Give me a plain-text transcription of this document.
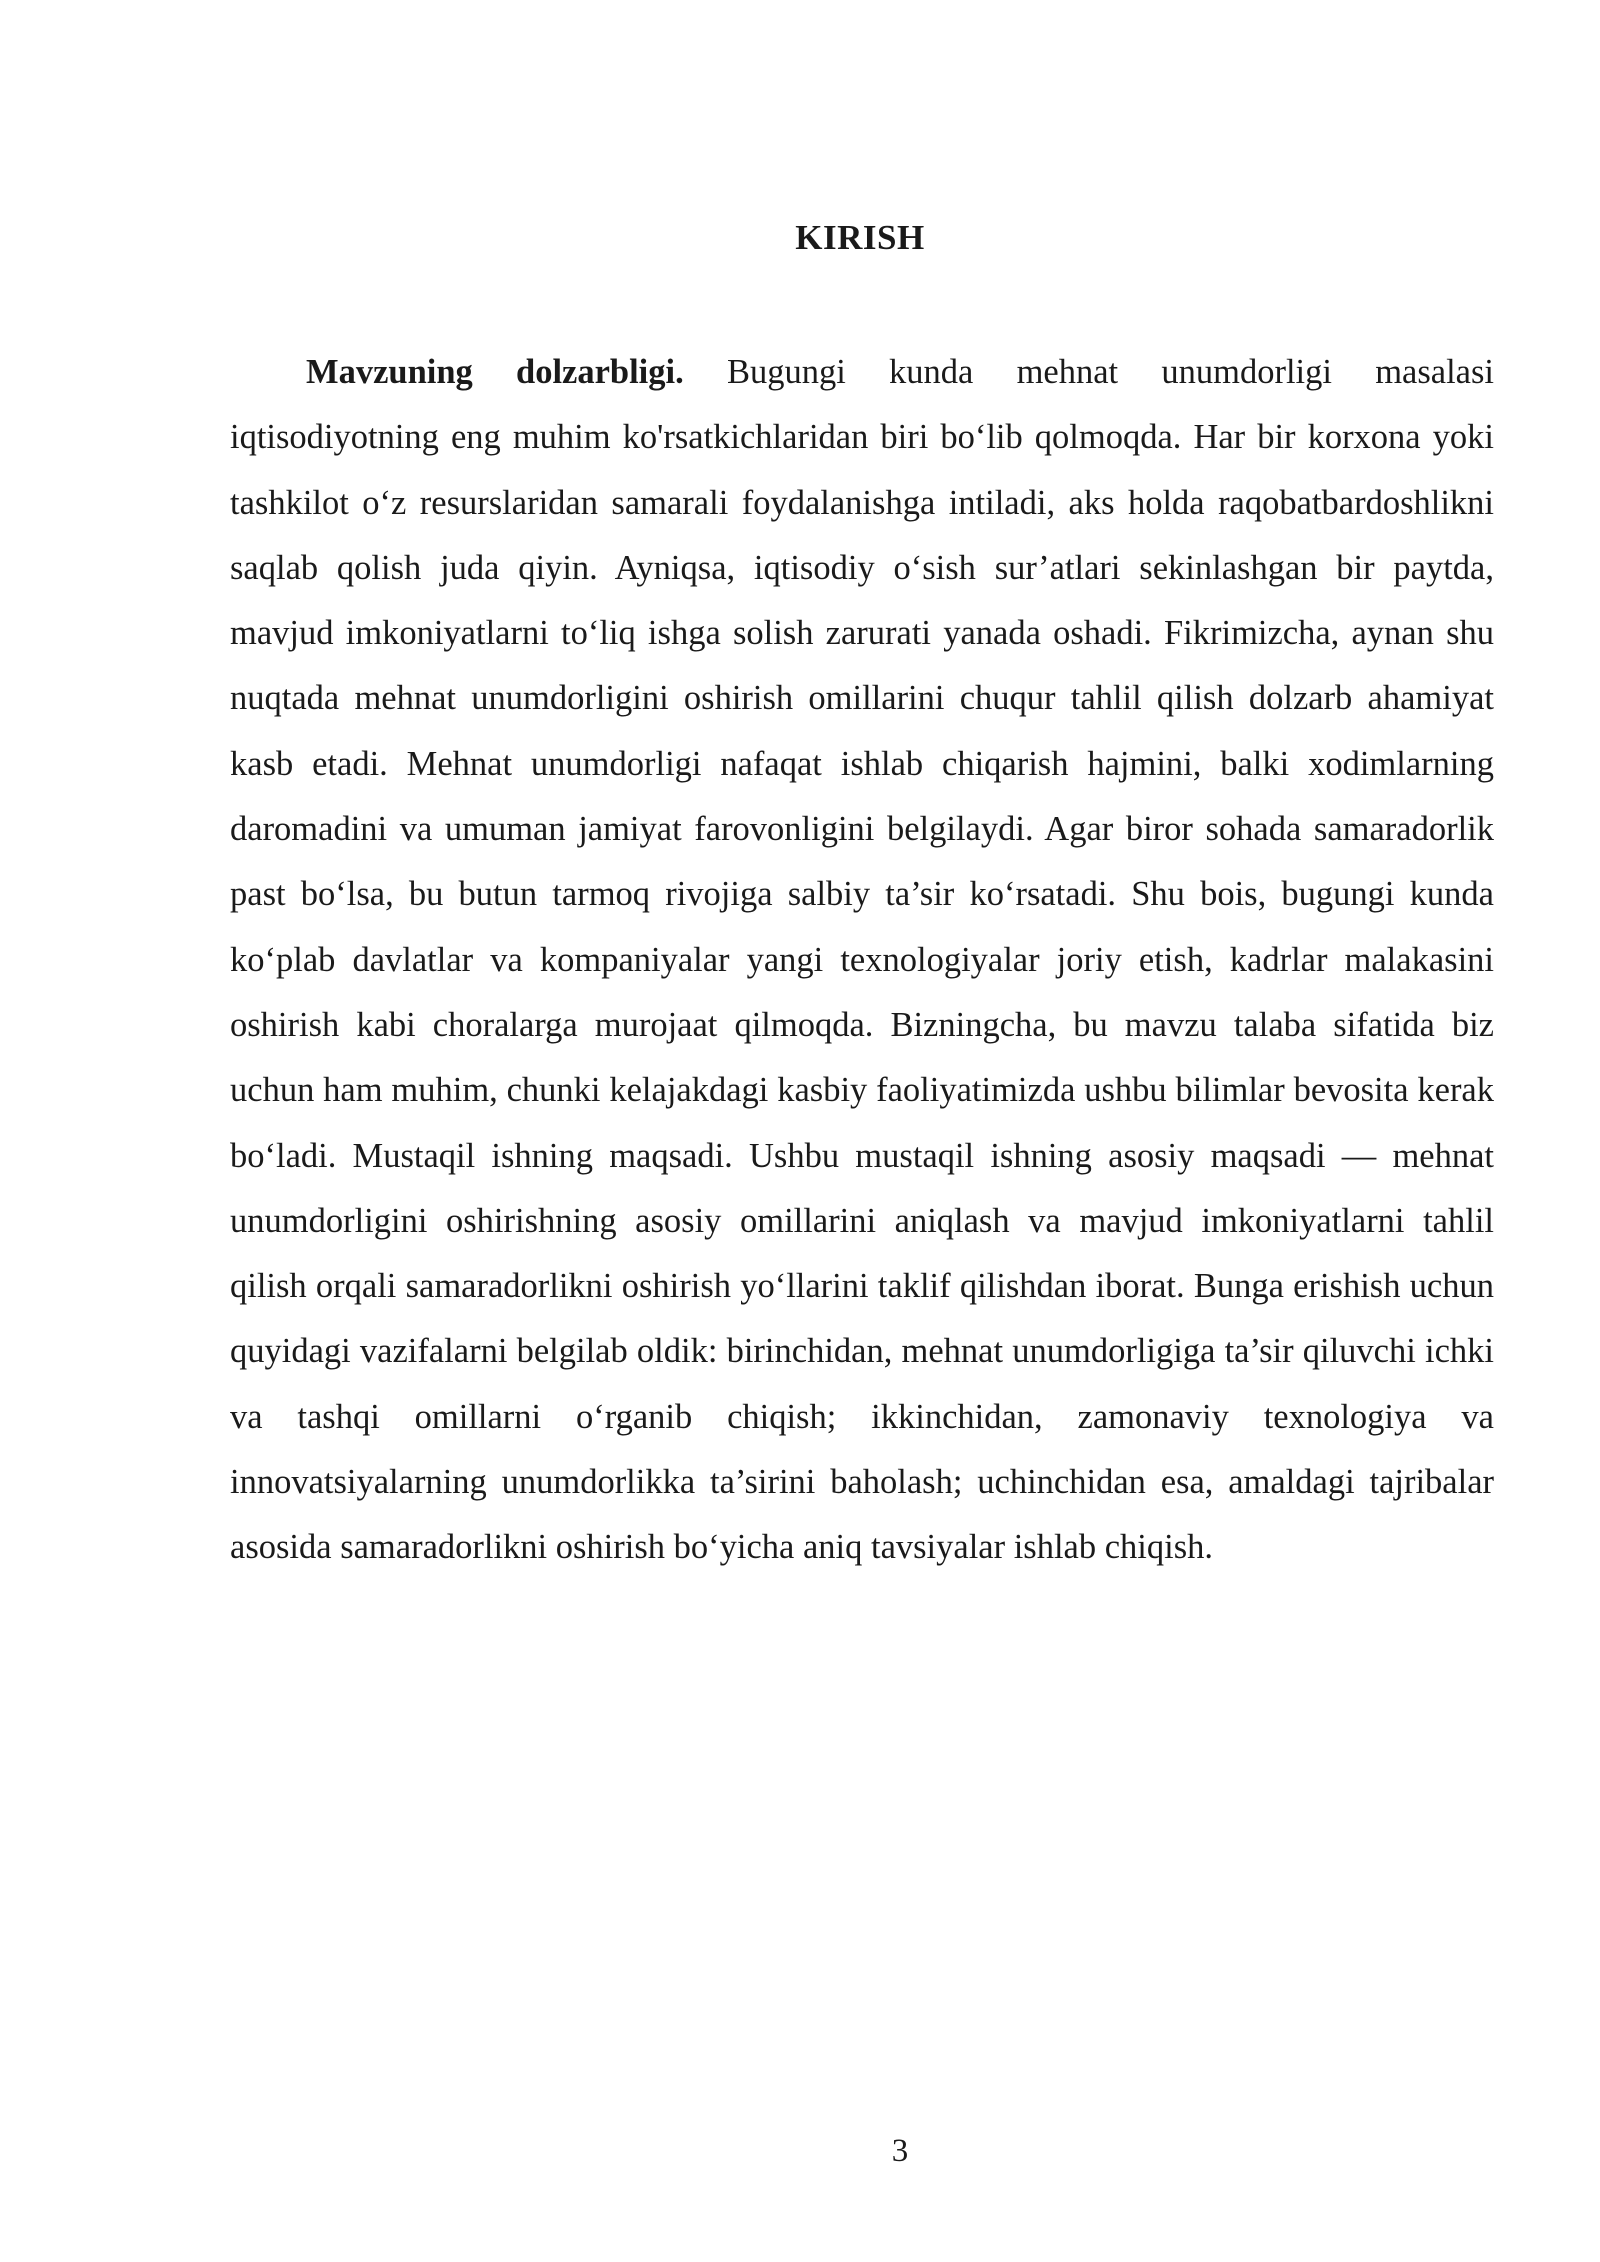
KIRISH

Mavzuning dolzarbligi. Bugungi kunda mehnat unumdorligi masalasi iqtisodiyotning eng muhim ko'rsatkichlaridan biri bo‘lib qolmoqda. Har bir korxona yoki tashkilot o‘z resurslaridan samarali foydalanishga intiladi, aks holda raqobatbardoshlikni saqlab qolish juda qiyin. Ayniqsa, iqtisodiy o‘sish sur’atlari sekinlashgan bir paytda, mavjud imkoniyatlarni to‘liq ishga solish zarurati yanada oshadi. Fikrimizcha, aynan shu nuqtada mehnat unumdorligini oshirish omillarini chuqur tahlil qilish dolzarb ahamiyat kasb etadi. Mehnat unumdorligi nafaqat ishlab chiqarish hajmini, balki xodimlarning daromadini va umuman jamiyat farovonligini belgilaydi. Agar biror sohada samaradorlik past bo‘lsa, bu butun tarmoq rivojiga salbiy ta’sir ko‘rsatadi. Shu bois, bugungi kunda ko‘plab davlatlar va kompaniyalar yangi texnologiyalar joriy etish, kadrlar malakasini oshirish kabi choralarga murojaat qilmoqda. Bizningcha, bu mavzu talaba sifatida biz uchun ham muhim, chunki kelajakdagi kasbiy faoliyatimizda ushbu bilimlar bevosita kerak bo‘ladi. Mustaqil ishning maqsadi. Ushbu mustaqil ishning asosiy maqsadi — mehnat unumdorligini oshirishning asosiy omillarini aniqlash va mavjud imkoniyatlarni tahlil qilish orqali samaradorlikni oshirish yo‘llarini taklif qilishdan iborat. Bunga erishish uchun quyidagi vazifalarni belgilab oldik: birinchidan, mehnat unumdorligiga ta’sir qiluvchi ichki va tashqi omillarni o‘rganib chiqish; ikkinchidan, zamonaviy texnologiya va innovatsiyalarning unumdorlikka ta’sirini baholash; uchinchidan esa, amaldagi tajribalar asosida samaradorlikni oshirish bo‘yicha aniq tavsiyalar ishlab chiqish.

3
